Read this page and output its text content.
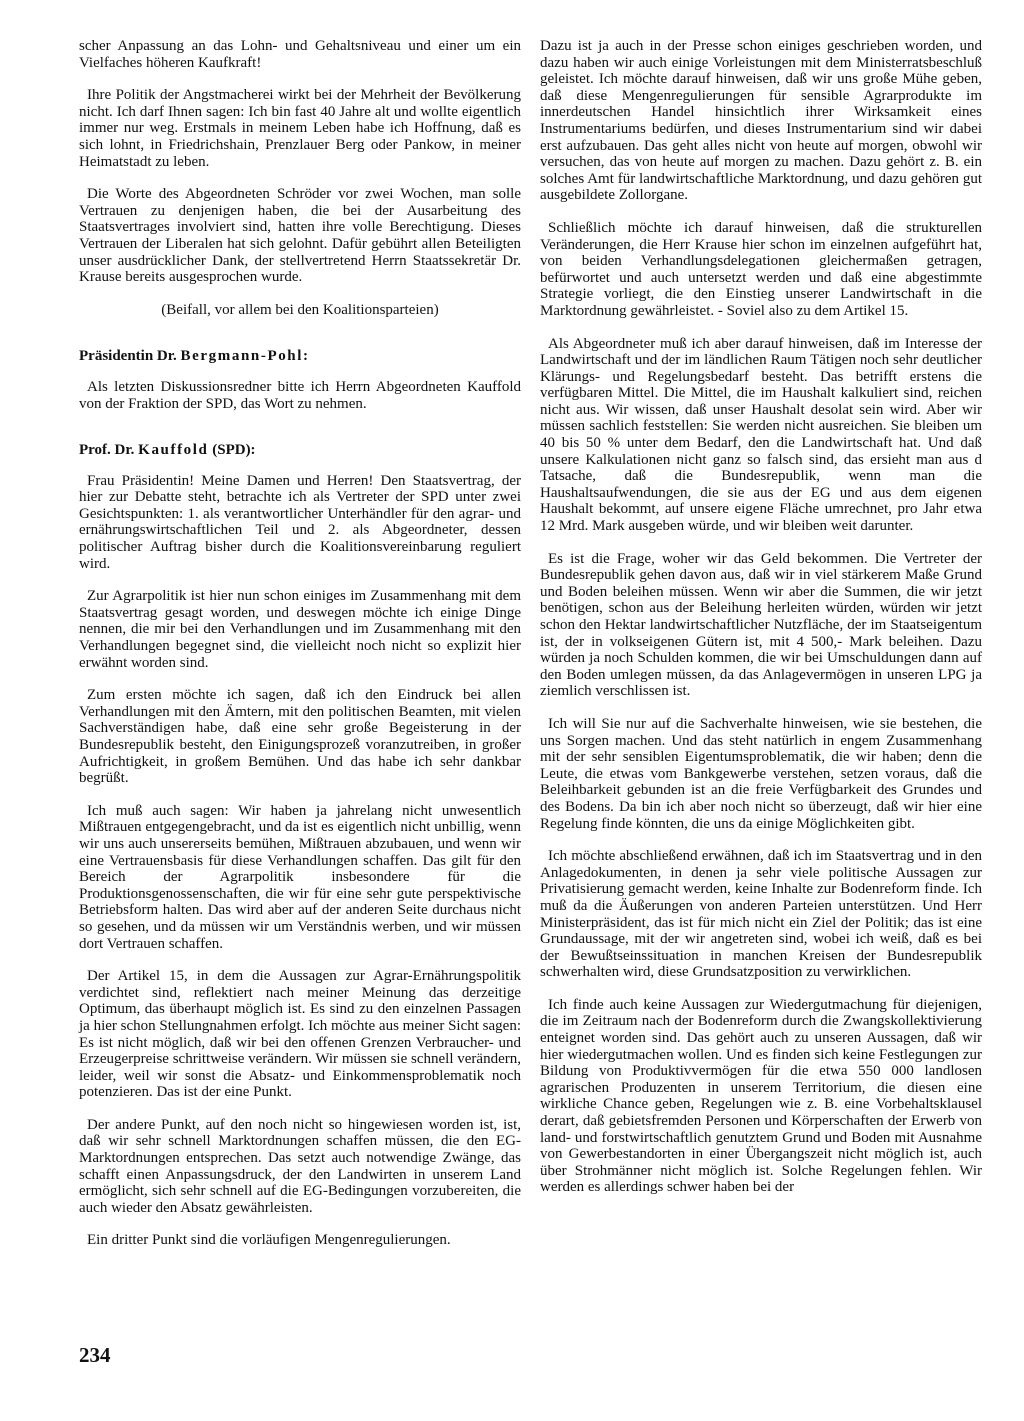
scher Anpassung an das Lohn- und Gehaltsniveau und einer um ein Vielfaches höheren Kaufkraft!

Ihre Politik der Angstmacherei wirkt bei der Mehrheit der Bevölkerung nicht. Ich darf Ihnen sagen: Ich bin fast 40 Jahre alt und wollte eigentlich immer nur weg. Erstmals in meinem Leben habe ich Hoffnung, daß es sich lohnt, in Friedrichshain, Prenzlauer Berg oder Pankow, in meiner Heimatstadt zu leben.

Die Worte des Abgeordneten Schröder vor zwei Wochen, man solle Vertrauen zu denjenigen haben, die bei der Ausarbeitung des Staatsvertrages involviert sind, hatten ihre volle Berechtigung. Dieses Vertrauen der Liberalen hat sich gelohnt. Dafür gebührt allen Beteiligten unser ausdrücklicher Dank, der stellvertretend Herrn Staatssekretär Dr. Krause bereits ausgesprochen wurde.

(Beifall, vor allem bei den Koalitionsparteien)

Präsidentin Dr. Bergmann-Pohl:

Als letzten Diskussionsredner bitte ich Herrn Abgeordneten Kauffold von der Fraktion der SPD, das Wort zu nehmen.

Prof. Dr. Kauffold (SPD):

Frau Präsidentin! Meine Damen und Herren! Den Staatsvertrag, der hier zur Debatte steht, betrachte ich als Vertreter der SPD unter zwei Gesichtspunkten: 1. als verantwortlicher Unterhändler für den agrar- und ernährungswirtschaftlichen Teil und 2. als Abgeordneter, dessen politischer Auftrag bisher durch die Koalitionsvereinbarung reguliert wird.

Zur Agrarpolitik ist hier nun schon einiges im Zusammenhang mit dem Staatsvertrag gesagt worden, und deswegen möchte ich einige Dinge nennen, die mir bei den Verhandlungen und im Zusammenhang mit den Verhandlungen begegnet sind, die vielleicht noch nicht so explizit hier erwähnt worden sind.

Zum ersten möchte ich sagen, daß ich den Eindruck bei allen Verhandlungen mit den Ämtern, mit den politischen Beamten, mit vielen Sachverständigen habe, daß eine sehr große Begeisterung in der Bundesrepublik besteht, den Einigungsprozeß voranzutreiben, in großer Aufrichtigkeit, in großem Bemühen. Und das habe ich sehr dankbar begrüßt.

Ich muß auch sagen: Wir haben ja jahrelang nicht unwesentlich Mißtrauen entgegengebracht, und da ist es eigentlich nicht unbillig, wenn wir uns auch unsererseits bemühen, Mißtrauen abzubauen, und wenn wir eine Vertrauensbasis für diese Verhandlungen schaffen. Das gilt für den Bereich der Agrarpolitik insbesondere für die Produktionsgenossenschaften, die wir für eine sehr gute perspektivische Betriebsform halten. Das wird aber auf der anderen Seite durchaus nicht so gesehen, und da müssen wir um Verständnis werben, und wir müssen dort Vertrauen schaffen.

Der Artikel 15, in dem die Aussagen zur Agrar-Ernährungspolitik verdichtet sind, reflektiert nach meiner Meinung das derzeitige Optimum, das überhaupt möglich ist. Es sind zu den einzelnen Passagen ja hier schon Stellungnahmen erfolgt. Ich möchte aus meiner Sicht sagen: Es ist nicht möglich, daß wir bei den offenen Grenzen Verbraucher- und Erzeugerpreise schrittweise verändern. Wir müssen sie schnell verändern, leider, weil wir sonst die Absatz- und Einkommensproblematik noch potenzieren. Das ist der eine Punkt.

Der andere Punkt, auf den noch nicht so hingewiesen worden ist, ist, daß wir sehr schnell Marktordnungen schaffen müssen, die den EG-Marktordnungen entsprechen. Das setzt auch notwendige Zwänge, das schafft einen Anpassungsdruck, der den Landwirten in unserem Land ermöglicht, sich sehr schnell auf die EG-Bedingungen vorzubereiten, die auch wieder den Absatz gewährleisten.

Ein dritter Punkt sind die vorläufigen Mengenregulierungen.

Dazu ist ja auch in der Presse schon einiges geschrieben worden, und dazu haben wir auch einige Vorleistungen mit dem Ministerratsbeschluß geleistet. Ich möchte darauf hinweisen, daß wir uns große Mühe geben, daß diese Mengenregulierungen für sensible Agrarprodukte im innerdeutschen Handel hinsichtlich ihrer Wirksamkeit eines Instrumentariums bedürfen, und dieses Instrumentarium sind wir dabei erst aufzubauen. Das geht alles nicht von heute auf morgen, obwohl wir versuchen, das von heute auf morgen zu machen. Dazu gehört z. B. ein solches Amt für landwirtschaftliche Marktordnung, und dazu gehören gut ausgebildete Zollorgane.

Schließlich möchte ich darauf hinweisen, daß die strukturellen Veränderungen, die Herr Krause hier schon im einzelnen aufgeführt hat, von beiden Verhandlungsdelegationen gleichermaßen getragen, befürwortet und auch untersetzt werden und daß eine abgestimmte Strategie vorliegt, die den Einstieg unserer Landwirtschaft in die Marktordnung gewährleistet. - Soviel also zu dem Artikel 15.

Als Abgeordneter muß ich aber darauf hinweisen, daß im Interesse der Landwirtschaft und der im ländlichen Raum Tätigen noch sehr deutlicher Klärungs- und Regelungsbedarf besteht. Das betrifft erstens die verfügbaren Mittel. Die Mittel, die im Haushalt kalkuliert sind, reichen nicht aus. Wir wissen, daß unser Haushalt desolat sein wird. Aber wir müssen sachlich feststellen: Sie werden nicht ausreichen. Sie bleiben um 40 bis 50 % unter dem Bedarf, den die Landwirtschaft hat. Und daß unsere Kalkulationen nicht ganz so falsch sind, das ersieht man aus d Tatsache, daß die Bundesrepublik, wenn man die Haushaltsaufwendungen, die sie aus der EG und aus dem eigenen Haushalt bekommt, auf unsere eigene Fläche umrechnet, pro Jahr etwa 12 Mrd. Mark ausgeben würde, und wir bleiben weit darunter.

Es ist die Frage, woher wir das Geld bekommen. Die Vertreter der Bundesrepublik gehen davon aus, daß wir in viel stärkerem Maße Grund und Boden beleihen müssen. Wenn wir aber die Summen, die wir jetzt benötigen, schon aus der Beleihung herleiten würden, würden wir jetzt schon den Hektar landwirtschaftlicher Nutzfläche, der im Staatseigentum ist, der in volkseigenen Gütern ist, mit 4 500,- Mark beleihen. Dazu würden ja noch Schulden kommen, die wir bei Umschuldungen dann auf den Boden umlegen müssen, da das Anlagevermögen in unseren LPG ja ziemlich verschlissen ist.

Ich will Sie nur auf die Sachverhalte hinweisen, wie sie bestehen, die uns Sorgen machen. Und das steht natürlich in engem Zusammenhang mit der sehr sensiblen Eigentumsproblematik, die wir haben; denn die Leute, die etwas vom Bankgewerbe verstehen, setzen voraus, daß die Beleihbarkeit gebunden ist an die freie Verfügbarkeit des Grundes und des Bodens. Da bin ich aber noch nicht so überzeugt, daß wir hier eine Regelung finde könnten, die uns da einige Möglichkeiten gibt.

Ich möchte abschließend erwähnen, daß ich im Staatsvertrag und in den Anlagedokumenten, in denen ja sehr viele politische Aussagen zur Privatisierung gemacht werden, keine Inhalte zur Bodenreform finde. Ich muß da die Äußerungen von anderen Parteien unterstützen. Und Herr Ministerpräsident, das ist für mich nicht ein Ziel der Politik; das ist eine Grundaussage, mit der wir angetreten sind, wobei ich weiß, daß es bei der Bewußtseinssituation in manchen Kreisen der Bundesrepublik schwerhalten wird, diese Grundsatzposition zu verwirklichen.

Ich finde auch keine Aussagen zur Wiedergutmachung für diejenigen, die im Zeitraum nach der Bodenreform durch die Zwangskollektivierung enteignet worden sind. Das gehört auch zu unseren Aussagen, daß wir hier wiedergutmachen wollen. Und es finden sich keine Festlegungen zur Bildung von Produktivvermögen für die etwa 550 000 landlosen agrarischen Produzenten in unserem Territorium, die diesen eine wirkliche Chance geben, Regelungen wie z. B. eine Vorbehaltsklausel derart, daß gebietsfremden Personen und Körperschaften der Erwerb von land- und forstwirtschaftlich genutztem Grund und Boden mit Ausnahme von Gewerbestandorten in einer Übergangszeit nicht möglich ist, auch über Strohmänner nicht möglich ist. Solche Regelungen fehlen. Wir werden es allerdings schwer haben bei der

234
